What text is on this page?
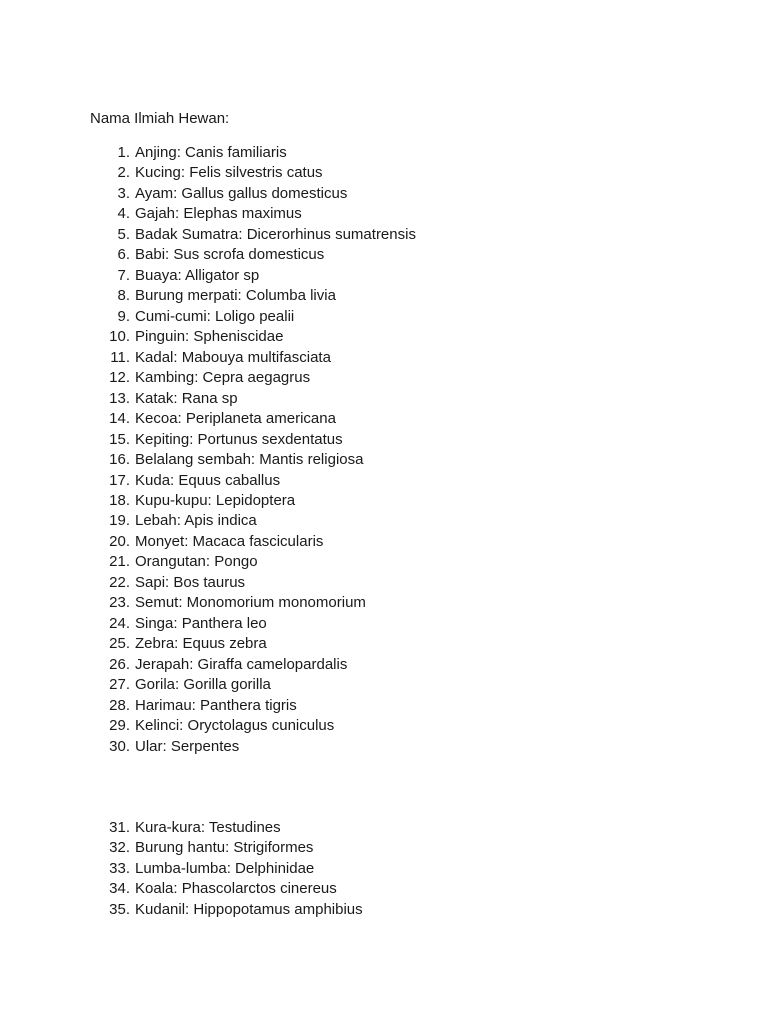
Nama Ilmiah Hewan:
1. Anjing: Canis familiaris
2. Kucing: Felis silvestris catus
3. Ayam: Gallus gallus domesticus
4. Gajah: Elephas maximus
5. Badak Sumatra: Dicerorhinus sumatrensis
6. Babi: Sus scrofa domesticus
7. Buaya: Alligator sp
8. Burung merpati: Columba livia
9. Cumi-cumi: Loligo pealii
10. Pinguin: Spheniscidae
11. Kadal: Mabouya multifasciata
12. Kambing: Cepra aegagrus
13. Katak: Rana sp
14. Kecoa: Periplaneta americana
15. Kepiting: Portunus sexdentatus
16. Belalang sembah: Mantis religiosa
17. Kuda: Equus caballus
18. Kupu-kupu: Lepidoptera
19. Lebah: Apis indica
20. Monyet: Macaca fascicularis
21. Orangutan: Pongo
22. Sapi: Bos taurus
23. Semut: Monomorium monomorium
24. Singa: Panthera leo
25. Zebra: Equus zebra
26. Jerapah: Giraffa camelopardalis
27. Gorila: Gorilla gorilla
28. Harimau: Panthera tigris
29. Kelinci: Oryctolagus cuniculus
30. Ular: Serpentes
31. Kura-kura: Testudines
32. Burung hantu: Strigiformes
33. Lumba-lumba: Delphinidae
34. Koala: Phascolarctos cinereus
35. Kudanil: Hippopotamus amphibius
